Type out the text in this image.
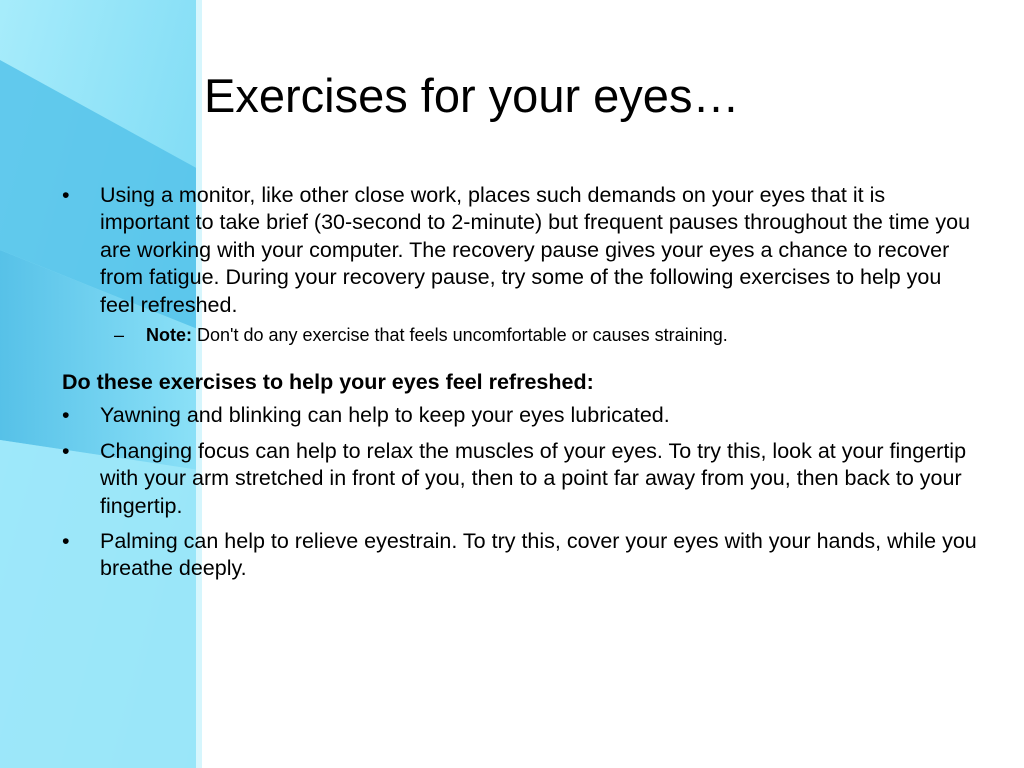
Exercises for your eyes…

•	Using a monitor, like other close work, places such demands on your eyes that it is important to take brief (30-second to 2-minute) but frequent pauses throughout the time you are working with your computer. The recovery pause gives your eyes a chance to recover from fatigue. During your recovery pause, try some of the following exercises to help you feel refreshed.

– Note: Don't do any exercise that feels uncomfortable or causes straining.

Do these exercises to help your eyes feel refreshed:

•	Yawning and blinking can help to keep your eyes lubricated.

•	Changing focus can help to relax the muscles of your eyes. To try this, look at your fingertip with your arm stretched in front of you, then to a point far away from you, then back to your fingertip.

•	Palming can help to relieve eyestrain. To try this, cover your eyes with your hands, while you breathe deeply.
